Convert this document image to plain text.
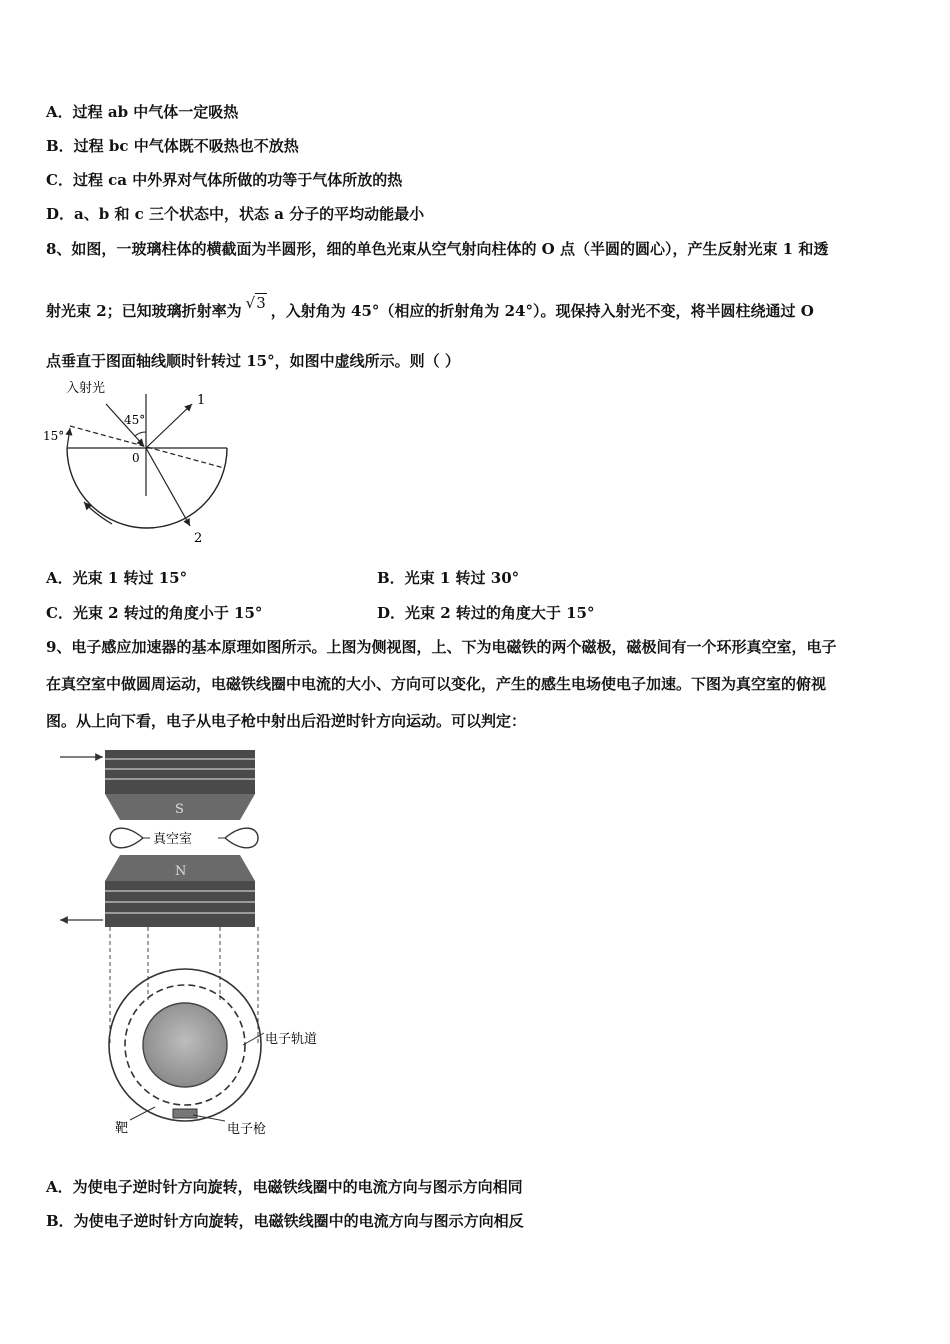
A．过程 ab 中气体一定吸热
B．过程 bc 中气体既不吸热也不放热
C．过程 ca 中外界对气体所做的功等于气体所放的热
D．a、b 和 c 三个状态中，状态 a 分子的平均动能最小
8、如图，一玻璃柱体的横截面为半圆形，细的单色光束从空气射向柱体的 O 点（半圆的圆心），产生反射光束 1 和透
射光束 2；已知玻璃折射率为 √3 ，入射角为 45°（相应的折射角为 24°）。现保持入射光不变，将半圆柱绕通过 O
点垂直于图面轴线顺时针转过 15°，如图中虚线所示。则（ ）
入射光
45°
15°
0
1
2
A．光束 1 转过 15°	B．光束 1 转过 30°
C．光束 2 转过的角度小于 15°	D．光束 2 转过的角度大于 15°
9、电子感应加速器的基本原理如图所示。上图为侧视图，上、下为电磁铁的两个磁极，磁极间有一个环形真空室，电子
在真空室中做圆周运动，电磁铁线圈中电流的大小、方向可以变化，产生的感生电场使电子加速。下图为真空室的俯视
图。从上向下看，电子从电子枪中射出后沿逆时针方向运动。可以判定：
S
真空室
N
电子轨道
靶	电子枪
A．为使电子逆时针方向旋转，电磁铁线圈中的电流方向与图示方向相同
B．为使电子逆时针方向旋转，电磁铁线圈中的电流方向与图示方向相反
